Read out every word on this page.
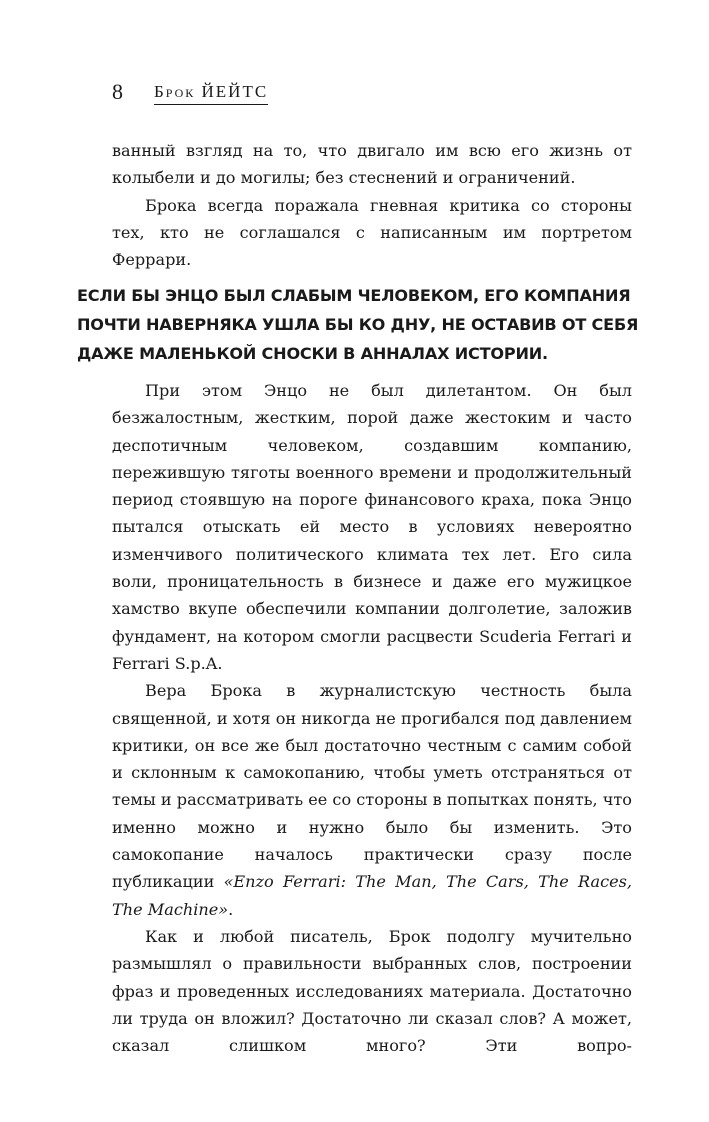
8 Брок ЙЕЙТС

ванный взгляд на то, что двигало им всю его жизнь от колыбели и до могилы; без стеснений и ограничений.

Брока всегда поражала гневная критика со стороны тех, кто не соглашался с написанным им портретом Феррари.

ЕСЛИ БЫ ЭНЦО БЫЛ СЛАБЫМ ЧЕЛОВЕКОМ, ЕГО КОМПАНИЯ
ПОЧТИ НАВЕРНЯКА УШЛА БЫ КО ДНУ, НЕ ОСТАВИВ ОТ СЕБЯ
ДАЖЕ МАЛЕНЬКОЙ СНОСКИ В АННАЛАХ ИСТОРИИ.

При этом Энцо не был дилетантом. Он был безжалостным, жестким, порой даже жестоким и часто деспотичным человеком, создавшим компанию, пережившую тяготы военного времени и продолжительный период стоявшую на пороге финансового краха, пока Энцо пытался отыскать ей место в условиях невероятно изменчивого политического климата тех лет. Его сила воли, проницательность в бизнесе и даже его мужицкое хамство вкупе обеспечили компании долголетие, заложив фундамент, на котором смогли расцвести Scuderia Ferrari и Ferrari S.p.A.

Вера Брока в журналистскую честность была священной, и хотя он никогда не прогибался под давлением критики, он все же был достаточно честным с самим собой и склонным к самокопанию, чтобы уметь отстраняться от темы и рассматривать ее со стороны в попытках понять, что именно можно и нужно было бы изменить. Это самокопание началось практически сразу после публикации «Enzo Ferrari: The Man, The Cars, The Races, The Machine».

Как и любой писатель, Брок подолгу мучительно размышлял о правильности выбранных слов, построении фраз и проведенных исследованиях материала. Достаточно ли труда он вложил? Достаточно ли сказал слов? А может, сказал слишком много? Эти вопро-
